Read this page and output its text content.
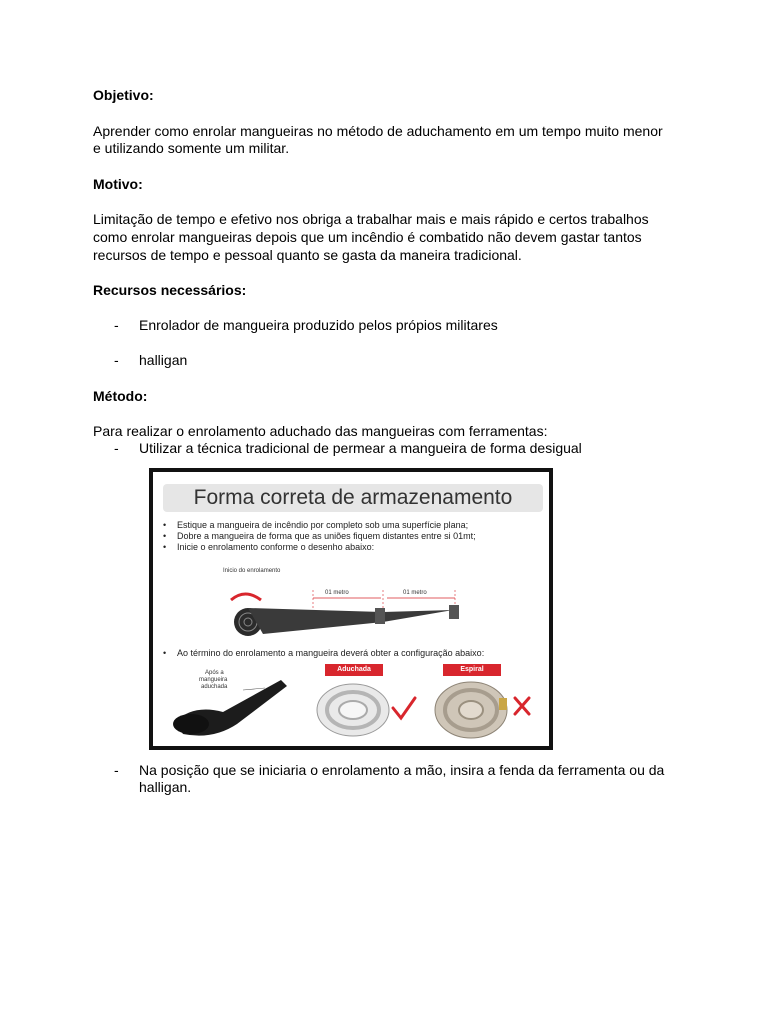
Objetivo:

Aprender como enrolar mangueiras no método de aduchamento em um tempo muito menor

e utilizando somente um militar.

Motivo:

Limitação de tempo e efetivo nos obriga a trabalhar mais e mais rápido e certos trabalhos

como enrolar mangueiras depois que um incêndio é combatido não devem gastar tantos

recursos de tempo e pessoal quanto se gasta da maneira tradicional.

Recursos necessários:

- Enrolador de mangueira produzido pelos própios militares
- halligan

Método:

Para realizar o enrolamento aduchado das mangueiras com ferramentas:

- Utilizar a técnica tradicional de permear a mangueira de forma desigual
Forma correta de armazenamento
• Estique a mangueira de incêndio por completo sob uma superfície plana;
• Dobre a mangueira de forma que as uniões fiquem distantes entre si 01mt;
• Inicie o enrolamento conforme o desenho abaixo:
Inicio do enrolamento
01 metro	01 metro
• Ao término do enrolamento a mangueira deverá obter a configuração abaixo:
Após a
mangueira
aduchada
Aduchada	Espiral
- Na posição que se iniciaria o enrolamento a mão, insira a fenda da ferramenta ou da
halligan.
